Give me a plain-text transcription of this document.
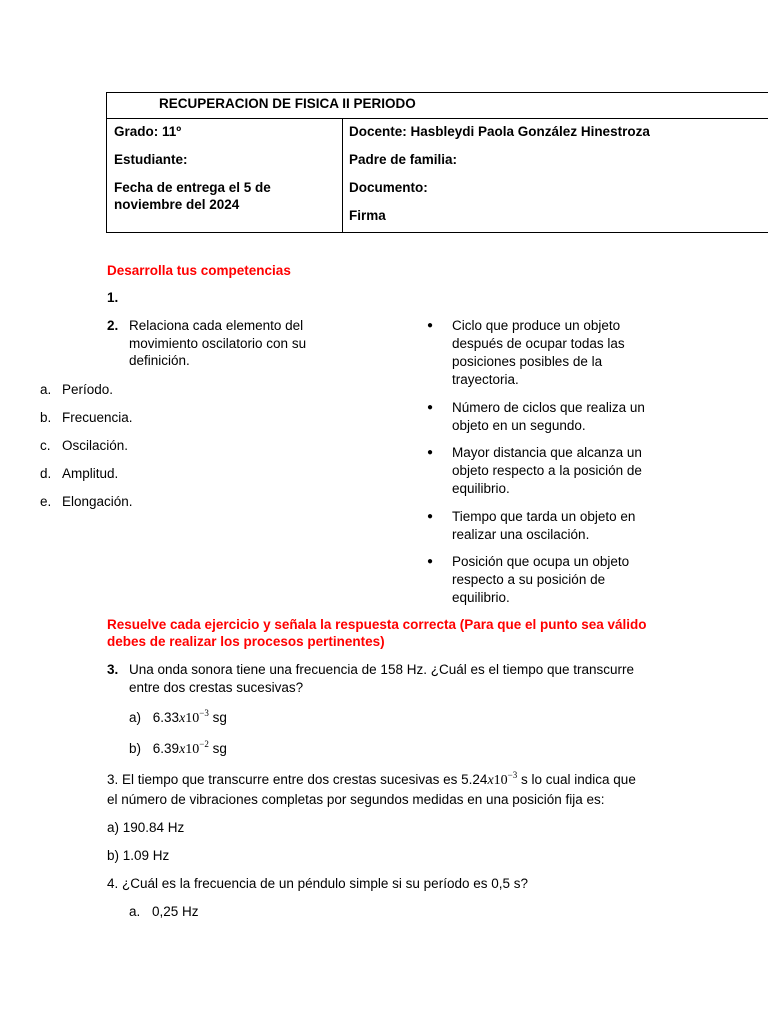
RECUPERACION DE FISICA II PERIODO
Grado: 11º	Docente: Hasbleydi Paola González Hinestroza
Estudiante:	Padre de familia:
Fecha de entrega el 5 de
noviembre del 2024
Documento:
Firma
Desarrolla tus competencias
1.
2. Relaciona cada elemento del
movimiento oscilatorio con su
definición.
a. Período.
b. Frecuencia.
c. Oscilación.
d. Amplitud.
e. Elongación.
● Ciclo que produce un objeto después de ocupar todas las posiciones posibles de la trayectoria.
● Número de ciclos que realiza un objeto en un segundo.
● Mayor distancia que alcanza un objeto respecto a la posición de equilibrio.
● Tiempo que tarda un objeto en realizar una oscilación.
● Posición que ocupa un objeto respecto a su posición de equilibrio.
Resuelve cada ejercicio y señala la respuesta correcta (Para que el punto sea válido
debes de realizar los procesos pertinentes)
3. Una onda sonora tiene una frecuencia de 158 Hz. ¿Cuál es el tiempo que transcurre
entre dos crestas sucesivas?
a) $6.33x10^{-3}$ sg
b) $6.39x10^{-2}$ sg
3. El tiempo que transcurre entre dos crestas sucesivas es $5.24x10^{-3}$ s lo cual indica que
el número de vibraciones completas por segundos medidas en una posición fija es:
a) 190.84 Hz
b) 1.09 Hz
4. ¿Cuál es la frecuencia de un péndulo simple si su período es 0,5 s?
a. 0,25 Hz
